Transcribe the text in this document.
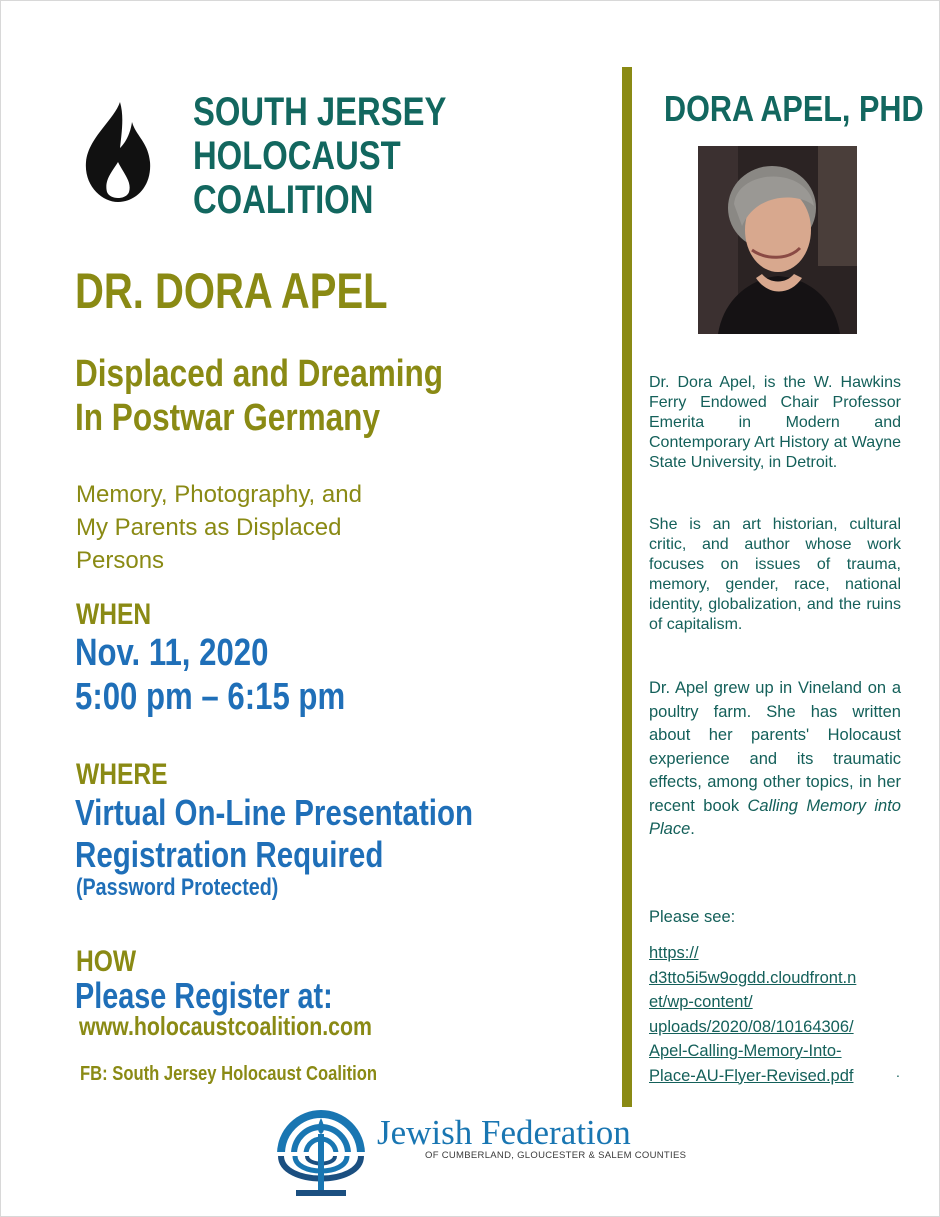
SOUTH JERSEY
HOLOCAUST
COALITION
DR. DORA APEL
Displaced and Dreaming
In Postwar Germany
Memory, Photography, and
My Parents as Displaced
Persons
WHEN
Nov. 11, 2020
5:00 pm – 6:15 pm
WHERE
Virtual On-Line Presentation
Registration Required
(Password Protected)
HOW
Please Register at:
www.holocaustcoalition.com
FB: South Jersey Holocaust Coalition
DORA APEL, PHD
Dr. Dora Apel, is the W. Hawkins Ferry Endowed Chair Professor Emerita in Modern and Contemporary Art History at Wayne State University, in Detroit.
She is an art historian, cultural critic, and author whose work focuses on issues of trauma, memory, gender, race, national identity, globalization, and the ruins of capitalism.
Dr. Apel grew up in Vineland on a poultry farm. She has written about her parents' Holocaust experience and its traumatic effects, among other topics, in her recent book Calling Memory into Place.
Please see:
https://
d3tto5i5w9ogdd.cloudfront.n
et/wp-content/
uploads/2020/08/10164306/
Apel-Calling-Memory-Into-
Place-AU-Flyer-Revised.pdf	.
Jewish Federation
OF CUMBERLAND, GLOUCESTER & SALEM COUNTIES
